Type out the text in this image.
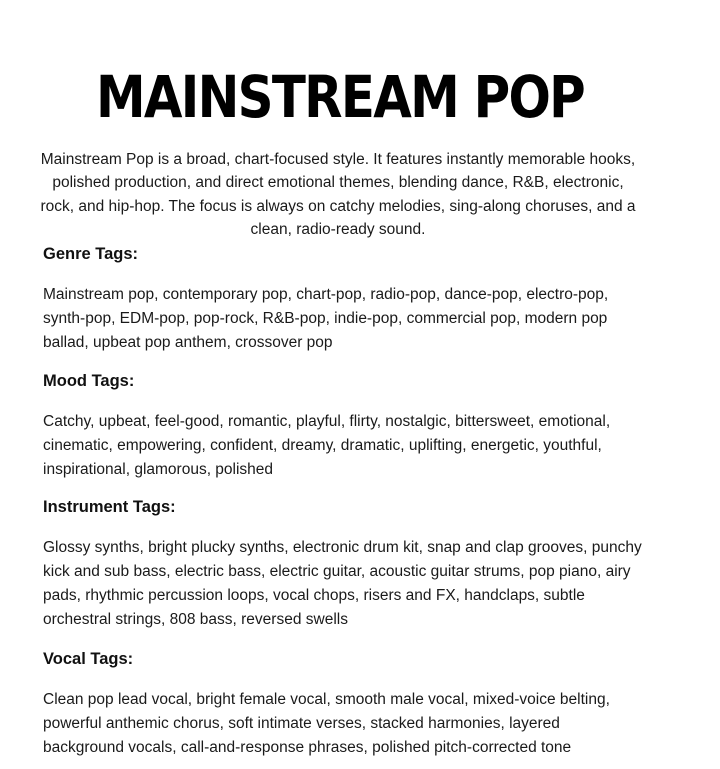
MAINSTREAM POP

Mainstream Pop is a broad, chart-focused style. It features instantly memorable hooks, polished production, and direct emotional themes, blending dance, R&B, electronic, rock, and hip-hop. The focus is always on catchy melodies, sing-along choruses, and a clean, radio-ready sound.

Genre Tags:

Mainstream pop, contemporary pop, chart-pop, radio-pop, dance-pop, electro-pop, synth-pop, EDM-pop, pop-rock, R&B-pop, indie-pop, commercial pop, modern pop ballad, upbeat pop anthem, crossover pop

Mood Tags:

Catchy, upbeat, feel-good, romantic, playful, flirty, nostalgic, bittersweet, emotional, cinematic, empowering, confident, dreamy, dramatic, uplifting, energetic, youthful, inspirational, glamorous, polished

Instrument Tags:

Glossy synths, bright plucky synths, electronic drum kit, snap and clap grooves, punchy kick and sub bass, electric bass, electric guitar, acoustic guitar strums, pop piano, airy pads, rhythmic percussion loops, vocal chops, risers and FX, handclaps, subtle orchestral strings, 808 bass, reversed swells

Vocal Tags:

Clean pop lead vocal, bright female vocal, smooth male vocal, mixed-voice belting, powerful anthemic chorus, soft intimate verses, stacked harmonies, layered background vocals, call-and-response phrases, polished pitch-corrected tone
